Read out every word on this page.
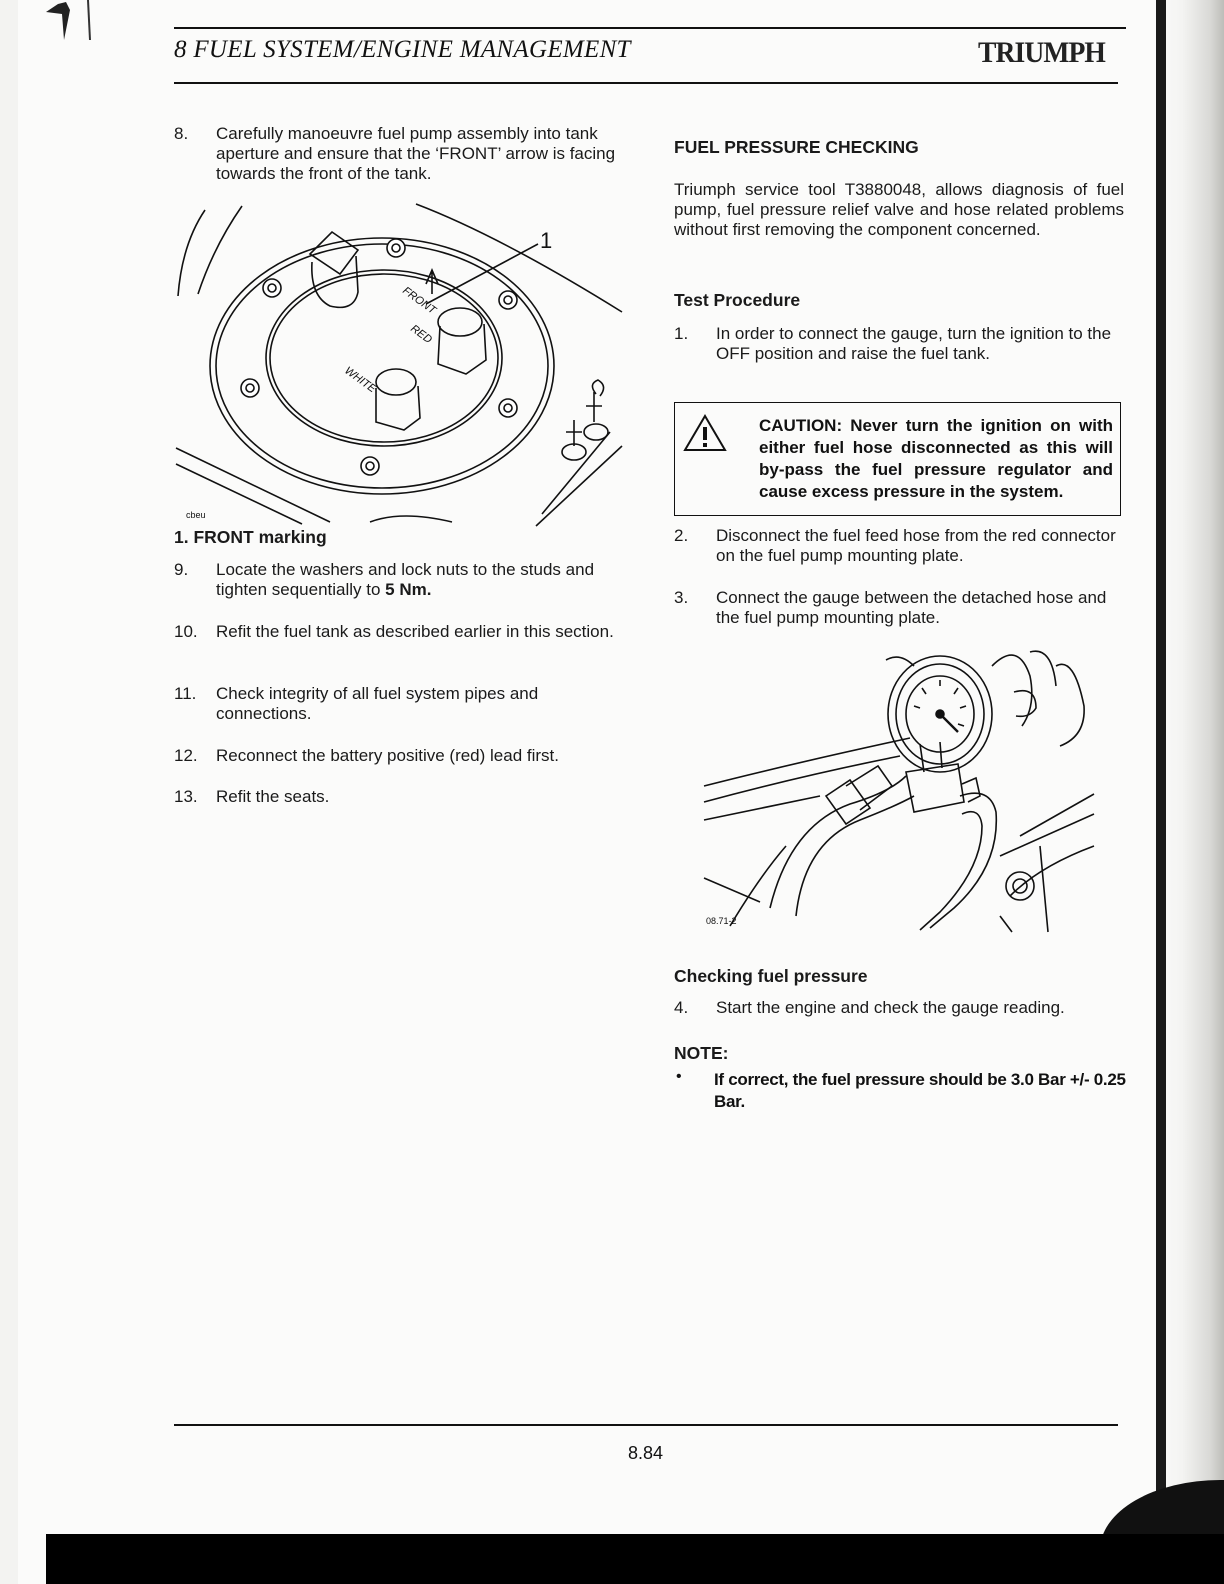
8 FUEL SYSTEM/ENGINE MANAGEMENT	TRIUMPH
8. Carefully manoeuvre fuel pump assembly into tank aperture and ensure that the ‘FRONT’ arrow is facing towards the front of the tank.
1
FRONT
RED
WHITE
cbeu
1. FRONT marking
9. Locate the washers and lock nuts to the studs and tighten sequentially to 5 Nm.
10. Refit the fuel tank as described earlier in this section.
11. Check integrity of all fuel system pipes and connections.
12. Reconnect the battery positive (red) lead first.
13. Refit the seats.
FUEL PRESSURE CHECKING
Triumph service tool T3880048, allows diagnosis of fuel pump, fuel pressure relief valve and hose related problems without first removing the component concerned.
Test Procedure
1. In order to connect the gauge, turn the ignition to the OFF position and raise the fuel tank.
CAUTION: Never turn the ignition on with either fuel hose disconnected as this will by-pass the fuel pressure regulator and cause excess pressure in the system.
2. Disconnect the fuel feed hose from the red connector on the fuel pump mounting plate.
3. Connect the gauge between the detached hose and the fuel pump mounting plate.
08.71-2
Checking fuel pressure
4. Start the engine and check the gauge reading.
NOTE:
• If correct, the fuel pressure should be 3.0 Bar +/- 0.25 Bar.
8.84
